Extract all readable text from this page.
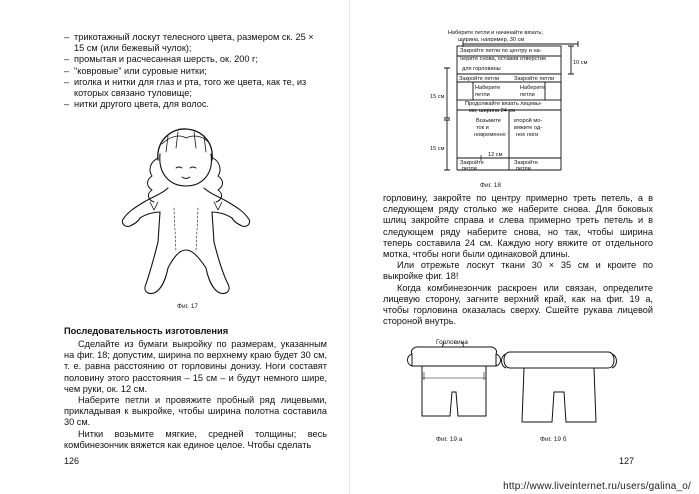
– трикотажный лоскут телесного цвета, размером ск. 25 × 15 см (или бежевый чулок);
– промытая и расчесанная шерсть, ок. 200 г;
– "ковровые" или суровые нитки;
– иголка и нитки для глаз и рта, того же цвета, как те, из которых связано туловище;
– нитки другого цвета, для волос.
Фиг. 17
Последовательность изготовления

Сделайте из бумаги выкройку по размерам, указанным на фиг. 18; допустим, ширина по верхнему краю будет 30 см, т. е. равна расстоянию от горловины донизу. Ноги составят половину этого расстояния – 15 см – и будут немного шире, чем руки, ок. 12 см.

Наберите петли и провяжите пробный ряд лицевыми, прикладывая к выкройке, чтобы ширина полотна составила 30 см.

Нитки возьмите мягкие, средней толщины; весь комбинезончик вяжется как единое целое. Чтобы сделать

126
Наберите петли и начинайте вязать;
ширина, например, 30 см
Закройте петли по центру и на-
берите снова, оставив отверстие
для горловины
Закройте петли	Закройте петли
Наберите
петли
Наберите
петли
Продолжайте вязать лицевы-
ми, ширина 24 см
Возьмите
ток и
новременно
второй мо-
вяжите од-
ное ноги
12 см
Закройте
петли
Закройте
петли
10 см
15 см
15 см
Фиг. 18

горловину, закройте по центру примерно треть петель, а в следующем ряду столько же наберите снова. Для боковых шлиц закройте справа и слева примерно треть петель и в следующем ряду наберите снова, но так, чтобы ширина теперь составила 24 см. Каждую ногу вяжите от отдельного мотка, чтобы ноги были одинаковой длины.

Или отрежьте лоскут ткани 30 × 35 см и кроите по выкройке фиг. 18!

Когда комбинезончик раскроен или связан, определите лицевую сторону, загните верхний край, как на фиг. 19 а, чтобы горловина оказалась сверху. Сшейте рукава лицевой стороной внутрь.

Горловина
Фиг. 19 а	Фиг. 19 б
127
http://www.liveinternet.ru/users/galina_o/
